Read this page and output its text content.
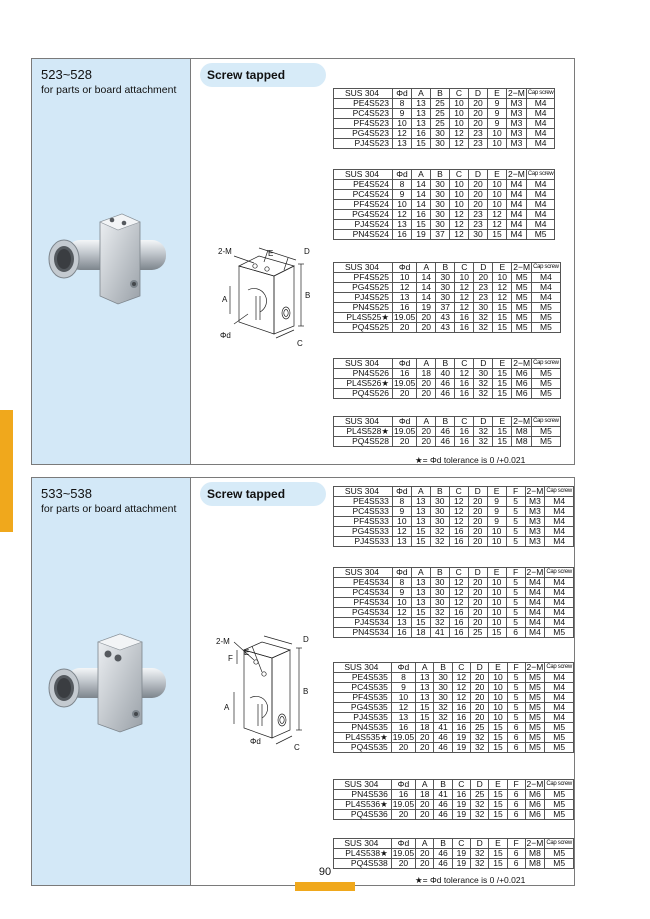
523~528
for parts or board attachment
Screw tapped
2-M	D
E
A	B
C
Φd
SUS 304	Φd	A	B	C	D	E	2−M	Cap screw
PE4S523	8	13	25	10	20	9	M3	M4
PC4S523	9	13	25	10	20	9	M3	M4
PF4S523	10	13	25	10	20	9	M3	M4
PG4S523	12	16	30	12	23	10	M3	M4
PJ4S523	13	15	30	12	23	10	M3	M4
SUS 304	Φd	A	B	C	D	E	2−M	Cap screw
PE4S524	8	14	30	10	20	10	M4	M4
PC4S524	9	14	30	10	20	10	M4	M4
PF4S524	10	14	30	10	20	10	M4	M4
PG4S524	12	16	30	12	23	12	M4	M4
PJ4S524	13	15	30	12	23	12	M4	M4
PN4S524	16	19	37	12	30	15	M4	M5
SUS 304	Φd	A	B	C	D	E	2−M	Cap screw
PF4S525	10	14	30	10	20	10	M5	M4
PG4S525	12	14	30	12	23	12	M5	M4
PJ4S525	13	14	30	12	23	12	M5	M4
PN4S525	16	19	37	12	30	15	M5	M5
PL4S525★	19.05	20	43	16	32	15	M5	M5
PQ4S525	20	20	43	16	32	15	M5	M5
SUS 304	Φd	A	B	C	D	E	2−M	Cap screw
PN4S526	16	18	40	12	30	15	M6	M5
PL4S526★	19.05	20	46	16	32	15	M6	M5
PQ4S526	20	20	46	16	32	15	M6	M5
SUS 304	Φd	A	B	C	D	E	2−M	Cap screw
PL4S528★	19.05	20	46	16	32	15	M8	M5
PQ4S528	20	20	46	16	32	15	M8	M5
★= Φd tolerance is 0 /+0.021
533~538
for parts or board attachment
Screw tapped
2-M	D
F
E
A
B
C
Φd
SUS 304	Φd	A	B	C	D	E	F	2−M	Cap screw
PE4S533	8	13	30	12	20	9	5	M3	M4
PC4S533	9	13	30	12	20	9	5	M3	M4
PF4S533	10	13	30	12	20	9	5	M3	M4
PG4S533	12	15	32	16	20	10	5	M3	M4
PJ4S533	13	15	32	16	20	10	5	M3	M4
SUS 304	Φd	A	B	C	D	E	F	2−M	Cap screw
PE4S534	8	13	30	12	20	10	5	M4	M4
PC4S534	9	13	30	12	20	10	5	M4	M4
PF4S534	10	13	30	12	20	10	5	M4	M4
PG4S534	12	15	32	16	20	10	5	M4	M4
PJ4S534	13	15	32	16	20	10	5	M4	M4
PN4S534	16	18	41	16	25	15	6	M4	M5
SUS 304	Φd	A	B	C	D	E	F	2−M	Cap screw
PE4S535	8	13	30	12	20	10	5	M5	M4
PC4S535	9	13	30	12	20	10	5	M5	M4
PF4S535	10	13	30	12	20	10	5	M5	M4
PG4S535	12	15	32	16	20	10	5	M5	M4
PJ4S535	13	15	32	16	20	10	5	M5	M4
PN4S535	16	18	41	16	25	15	6	M5	M5
PL4S535★	19.05	20	46	19	32	15	6	M5	M5
PQ4S535	20	20	46	19	32	15	6	M5	M5
SUS 304	Φd	A	B	C	D	E	F	2−M	Cap screw
PN4S536	16	18	41	16	25	15	6	M6	M5
PL4S536★	19.05	20	46	19	32	15	6	M6	M5
PQ4S536	20	20	46	19	32	15	6	M6	M5
SUS 304	Φd	A	B	C	D	E	F	2−M	Cap screw
PL4S538★	19.05	20	46	19	32	15	6	M8	M5
PQ4S538	20	20	46	19	32	15	6	M8	M5
★= Φd tolerance is 0 /+0.021
90
